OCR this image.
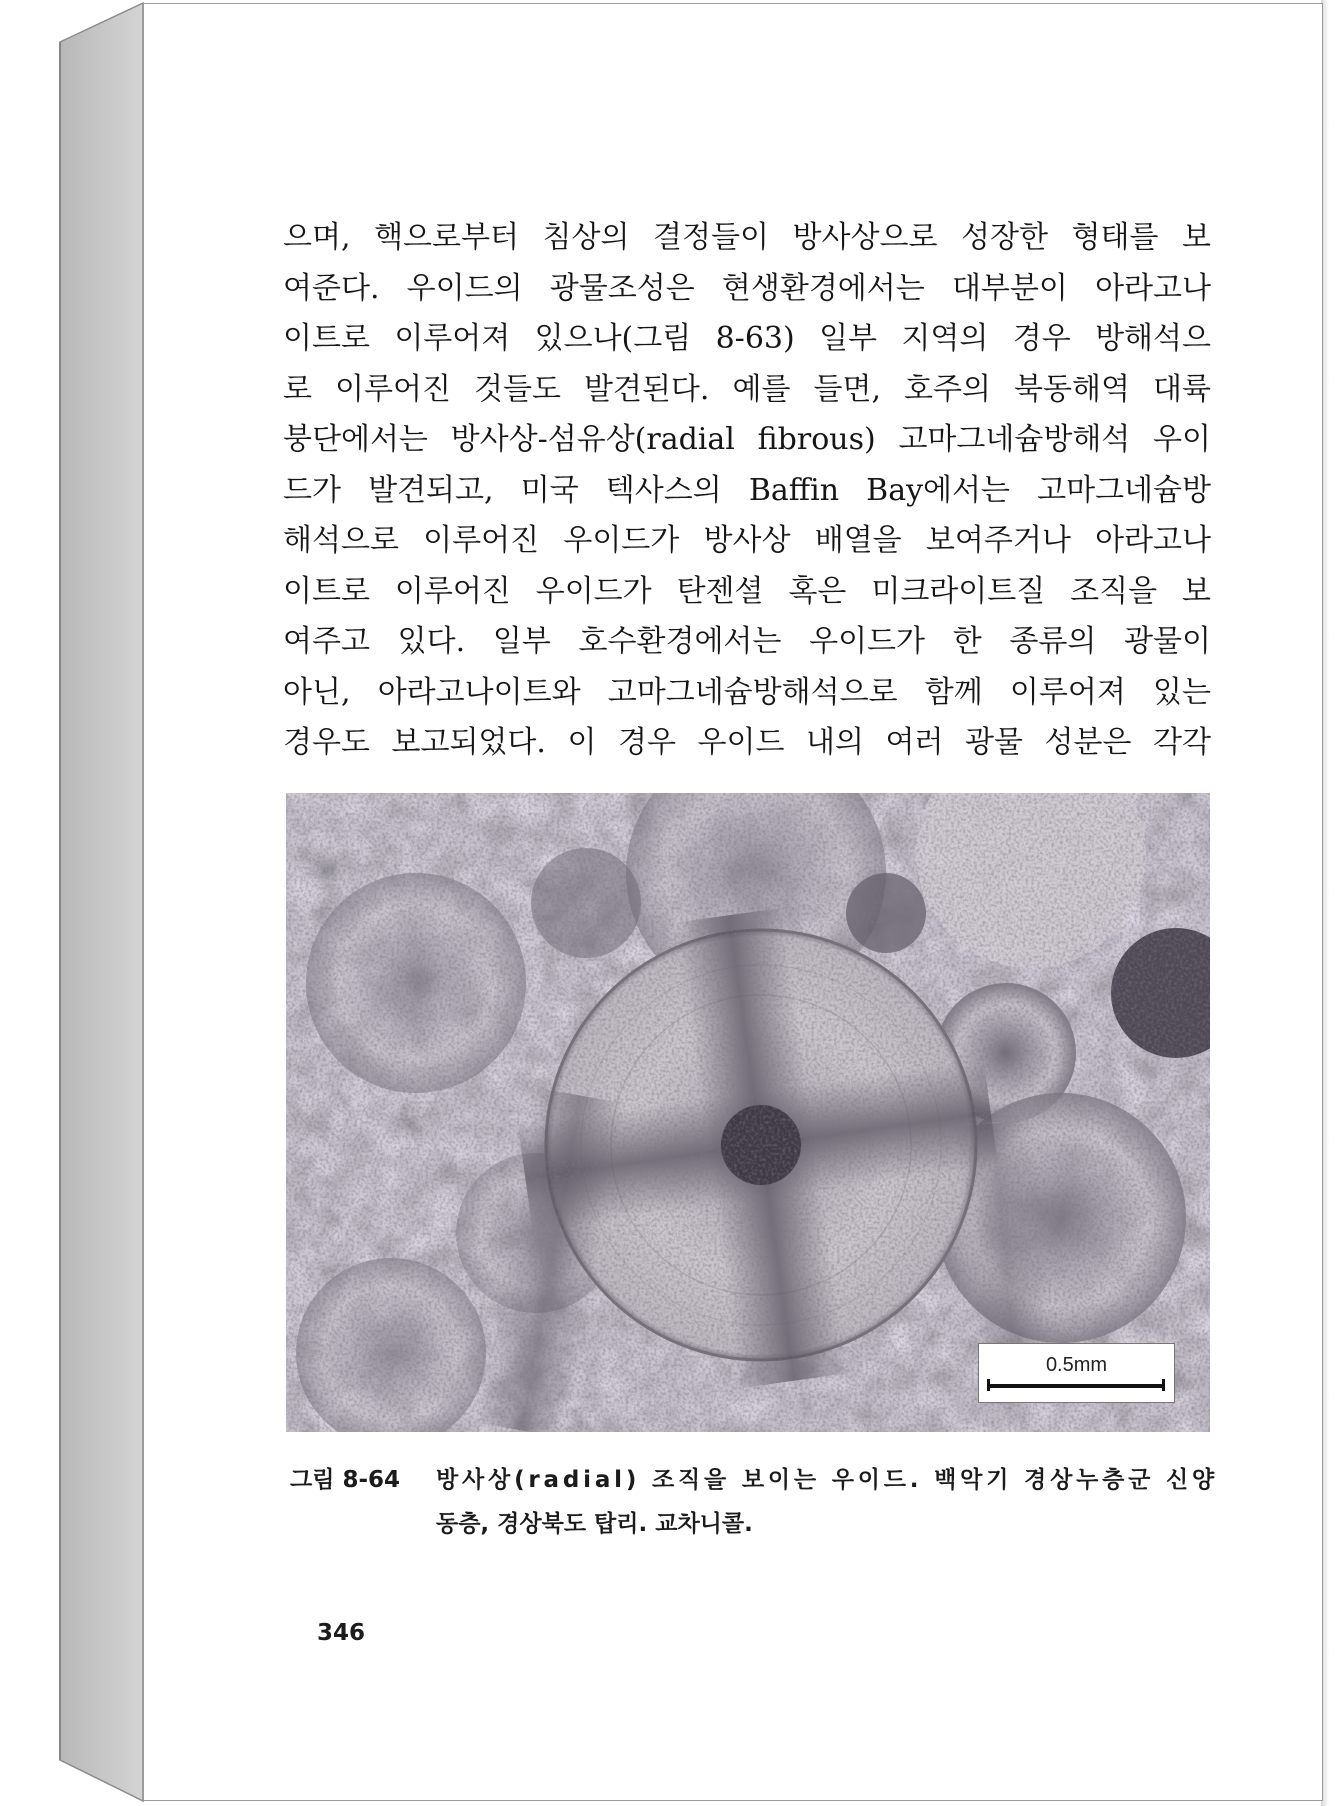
으며, 핵으로부터 침상의 결정들이 방사상으로 성장한 형태를 보
여준다. 우이드의 광물조성은 현생환경에서는 대부분이 아라고나
이트로 이루어져 있으나(그림 8-63) 일부 지역의 경우 방해석으
로 이루어진 것들도 발견된다. 예를 들면, 호주의 북동해역 대륙
붕단에서는 방사상-섬유상(radial fibrous) 고마그네슘방해석 우이
드가 발견되고, 미국 텍사스의 Baffin Bay에서는 고마그네슘방
해석으로 이루어진 우이드가 방사상 배열을 보여주거나 아라고나
이트로 이루어진 우이드가 탄젠셜 혹은 미크라이트질 조직을 보
여주고 있다. 일부 호수환경에서는 우이드가 한 종류의 광물이
아닌, 아라고나이트와 고마그네슘방해석으로 함께 이루어져 있는
경우도 보고되었다. 이 경우 우이드 내의 여러 광물 성분은 각각
0.5mm
그림 8-64 방사상(radial) 조직을 보이는 우이드. 백악기 경상누층군 신양
동층, 경상북도 탑리. 교차니콜.
346
